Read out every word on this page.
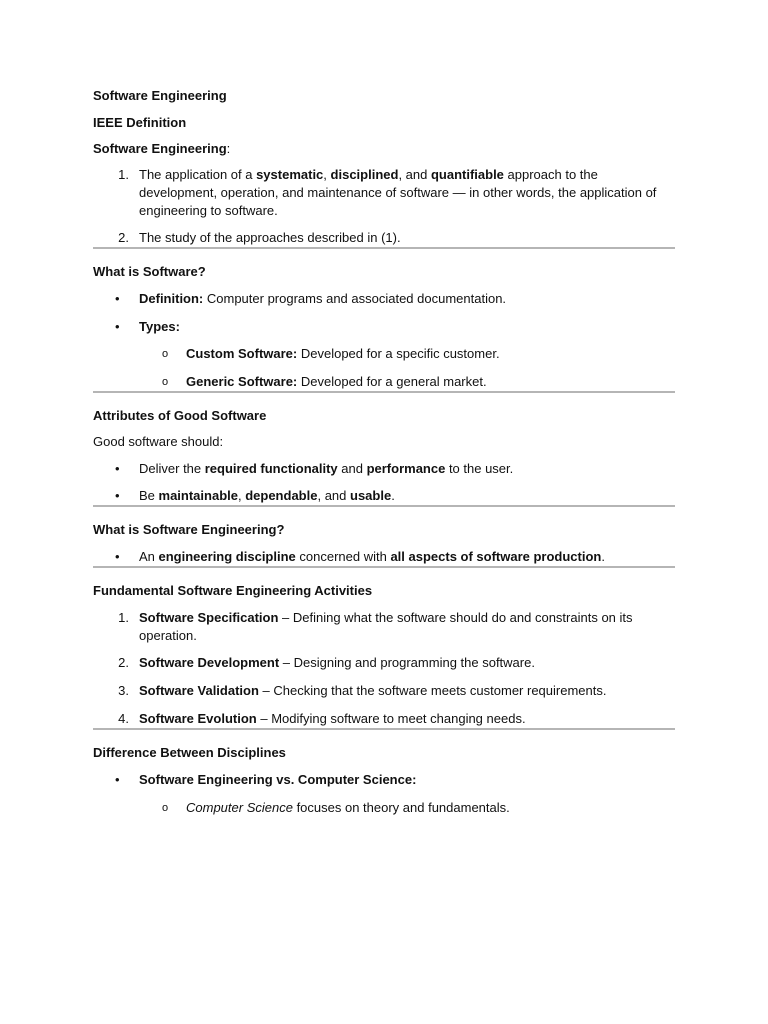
Software Engineering

IEEE Definition

Software Engineering:

1. The application of a systematic, disciplined, and quantifiable approach to the development, operation, and maintenance of software — in other words, the application of engineering to software.
2. The study of the approaches described in (1).

What is Software?

• Definition: Computer programs and associated documentation.
• Types:
o Custom Software: Developed for a specific customer.
o Generic Software: Developed for a general market.

Attributes of Good Software

Good software should:

• Deliver the required functionality and performance to the user.
• Be maintainable, dependable, and usable.

What is Software Engineering?

• An engineering discipline concerned with all aspects of software production.

Fundamental Software Engineering Activities

1. Software Specification – Defining what the software should do and constraints on its operation.
2. Software Development – Designing and programming the software.
3. Software Validation – Checking that the software meets customer requirements.
4. Software Evolution – Modifying software to meet changing needs.

Difference Between Disciplines

• Software Engineering vs. Computer Science:
o Computer Science focuses on theory and fundamentals.
